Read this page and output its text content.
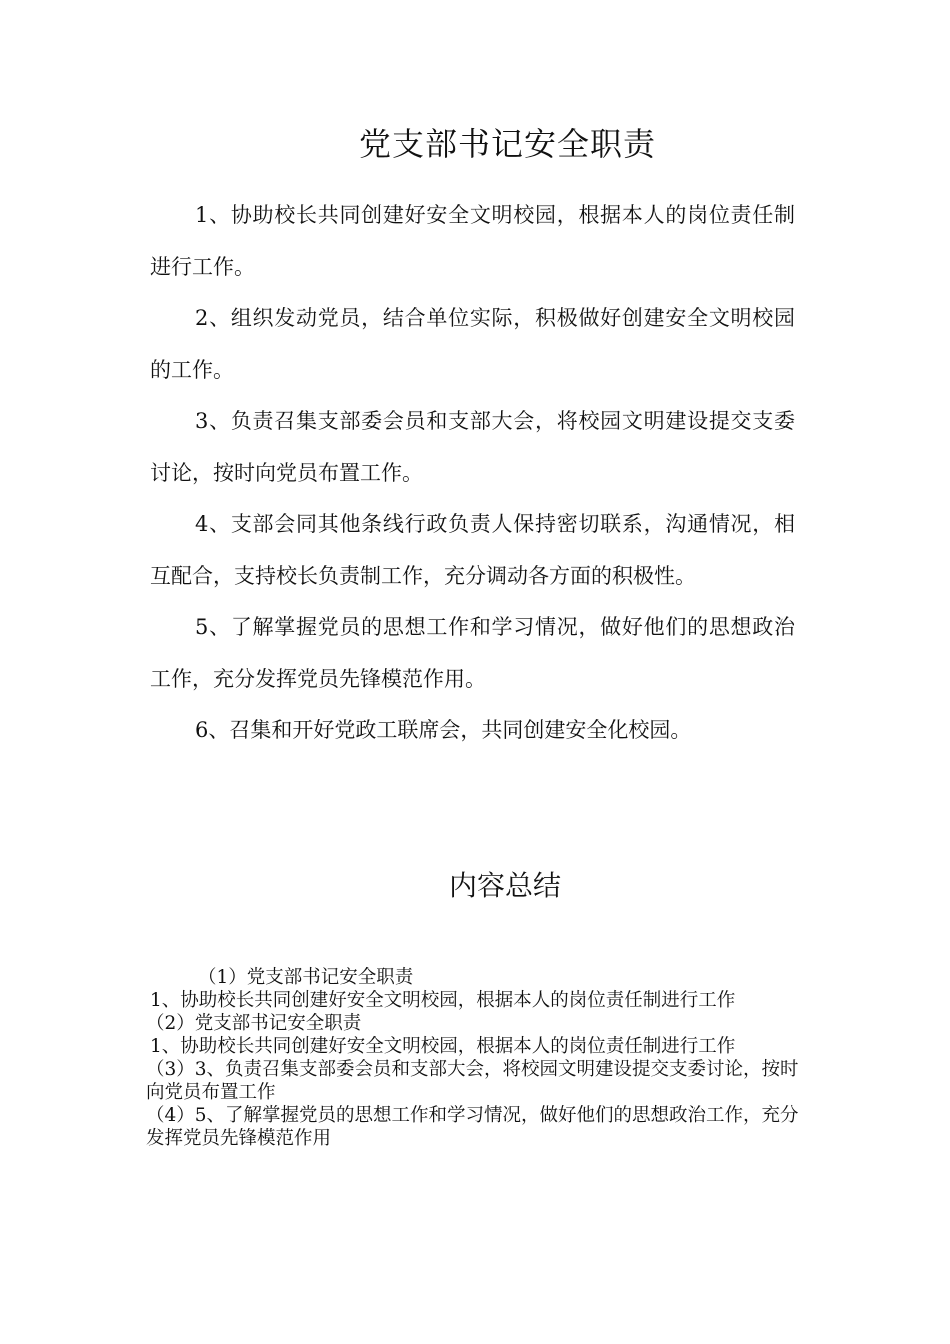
党支部书记安全职责

1、协助校长共同创建好安全文明校园，根据本人的岗位责任制进行工作。

2、组织发动党员，结合单位实际，积极做好创建安全文明校园的工作。

3、负责召集支部委会员和支部大会，将校园文明建设提交支委讨论，按时向党员布置工作。

4、支部会同其他条线行政负责人保持密切联系，沟通情况，相互配合，支持校长负责制工作，充分调动各方面的积极性。

5、了解掌握党员的思想工作和学习情况，做好他们的思想政治工作，充分发挥党员先锋模范作用。

6、召集和开好党政工联席会，共同创建安全化校园。

内容总结

（1）党支部书记安全职责

1、协助校长共同创建好安全文明校园，根据本人的岗位责任制进行工作

（2）党支部书记安全职责

1、协助校长共同创建好安全文明校园，根据本人的岗位责任制进行工作

（3）3、负责召集支部委会员和支部大会，将校园文明建设提交支委讨论，按时向党员布置工作

（4）5、了解掌握党员的思想工作和学习情况，做好他们的思想政治工作，充分发挥党员先锋模范作用
